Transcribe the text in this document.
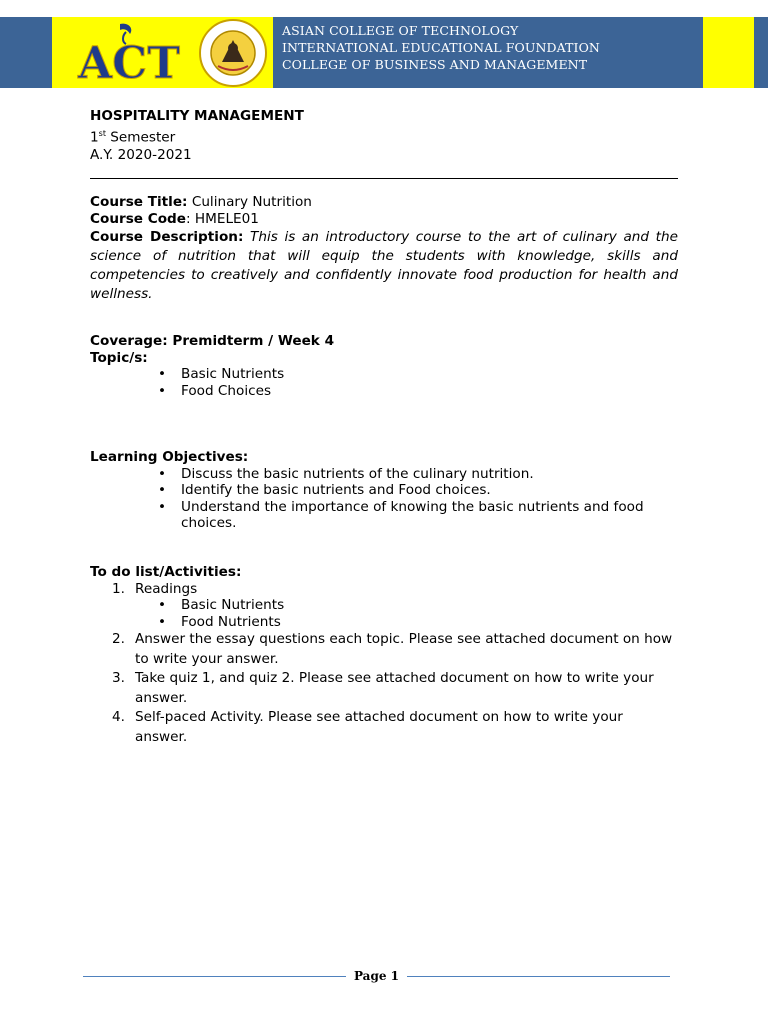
ACT
ASIAN COLLEGE OF TECHNOLOGY
INTERNATIONAL EDUCATIONAL FOUNDATION
COLLEGE OF BUSINESS AND MANAGEMENT
HOSPITALITY MANAGEMENT
1st Semester
A.Y. 2020-2021
Course Title: Culinary Nutrition
Course Code: HMELE01
Course Description: This is an introductory course to the art of culinary and the science of nutrition that will equip the students with knowledge, skills and competencies to creatively and confidently innovate food production for health and wellness.
Coverage: Premidterm / Week 4
Topic/s:
• Basic Nutrients
• Food Choices
Learning Objectives:
• Discuss the basic nutrients of the culinary nutrition.
• Identify the basic nutrients and Food choices.
• Understand the importance of knowing the basic nutrients and food choices.
To do list/Activities:
1. Readings
• Basic Nutrients
• Food Nutrients
2. Answer the essay questions each topic. Please see attached document on how to write your answer.
3. Take quiz 1, and quiz 2. Please see attached document on how to write your answer.
4. Self-paced Activity. Please see attached document on how to write your answer.
Page 1
